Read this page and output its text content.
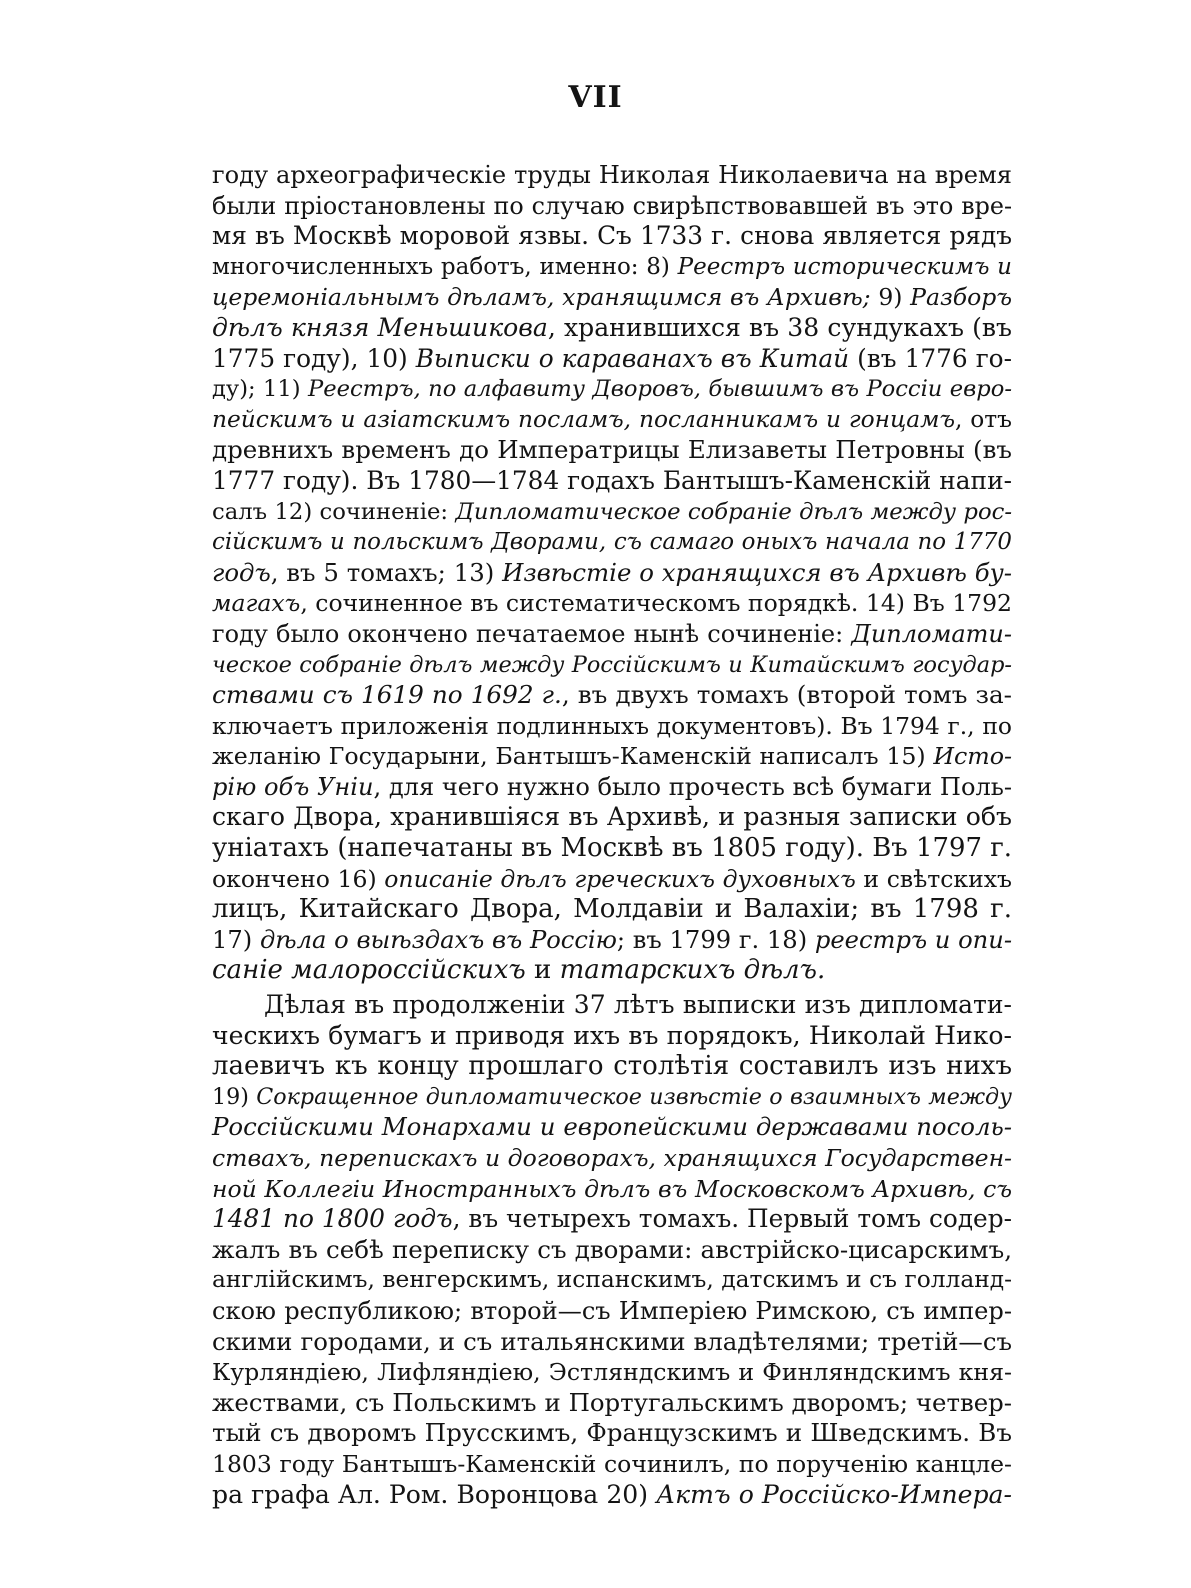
VII
году археографическіе труды Николая Николаевича на время
были пріостановлены по случаю свирѣпствовавшей въ это вре-
мя въ Москвѣ моровой язвы. Съ 1733 г. снова является рядъ
многочисленныхъ работъ, именно: 8) Реестръ историческимъ и
церемоніальнымъ дѣламъ, хранящимся въ Архивѣ; 9) Разборъ
дѣлъ князя Меньшикова, хранившихся въ 38 сундукахъ (въ
1775 году), 10) Выписки о караванахъ въ Китай (въ 1776 го-
ду); 11) Реестръ, по алфавиту Дворовъ, бывшимъ въ Россіи евро-
пейскимъ и азіатскимъ посламъ, посланникамъ и гонцамъ, отъ
древнихъ временъ до Императрицы Елизаветы Петровны (въ
1777 году). Въ 1780—1784 годахъ Бантышъ-Каменскій напи-
салъ 12) сочиненіе: Дипломатическое собраніе дѣлъ между рос-
сійскимъ и польскимъ Дворами, съ самаго оныхъ начала по 1770
годъ, въ 5 томахъ; 13) Извѣстіе о хранящихся въ Архивѣ бу-
магахъ, сочиненное въ систематическомъ порядкѣ. 14) Въ 1792
году было окончено печатаемое нынѣ сочиненіе: Дипломати-
ческое собраніе дѣлъ между Россійскимъ и Китайскимъ государ-
ствами съ 1619 по 1692 г., въ двухъ томахъ (второй томъ за-
ключаетъ приложенія подлинныхъ документовъ). Въ 1794 г., по
желанію Государыни, Бантышъ-Каменскій написалъ 15) Исто-
рію объ Уніи, для чего нужно было прочесть всѣ бумаги Поль-
скаго Двора, хранившіяся въ Архивѣ, и разныя записки объ
уніатахъ (напечатаны въ Москвѣ въ 1805 году). Въ 1797 г.
окончено 16) описаніе дѣлъ греческихъ духовныхъ и свѣтскихъ
лицъ, Китайскаго Двора, Молдавіи и Валахіи; въ 1798 г.
17) дѣла о выѣздахъ въ Россію; въ 1799 г. 18) реестръ и опи-
саніе малороссійскихъ и татарскихъ дѣлъ.
Дѣлая въ продолженіи 37 лѣтъ выписки изъ дипломати-
ческихъ бумагъ и приводя ихъ въ порядокъ, Николай Нико-
лаевичъ къ концу прошлаго столѣтія составилъ изъ нихъ
19) Сокращенное дипломатическое извѣстіе о взаимныхъ между
Россійскими Монархами и европейскими державами посоль-
ствахъ, перепискахъ и договорахъ, хранящихся Государствен-
ной Коллегіи Иностранныхъ дѣлъ въ Московскомъ Архивѣ, съ
1481 по 1800 годъ, въ четырехъ томахъ. Первый томъ содер-
жалъ въ себѣ переписку съ дворами: австрійско-цисарскимъ,
англійскимъ, венгерскимъ, испанскимъ, датскимъ и съ голланд-
скою республикою; второй—съ Имперіею Римскою, съ импер-
скими городами, и съ итальянскими владѣтелями; третій—съ
Курляндіею, Лифляндіею, Эстляндскимъ и Финляндскимъ кня-
жествами, съ Польскимъ и Португальскимъ дворомъ; четвер-
тый съ дворомъ Прусскимъ, Французскимъ и Шведскимъ. Въ
1803 году Бантышъ-Каменскій сочинилъ, по порученію канцле-
ра графа Ал. Ром. Воронцова 20) Актъ о Россійско-Импера-
